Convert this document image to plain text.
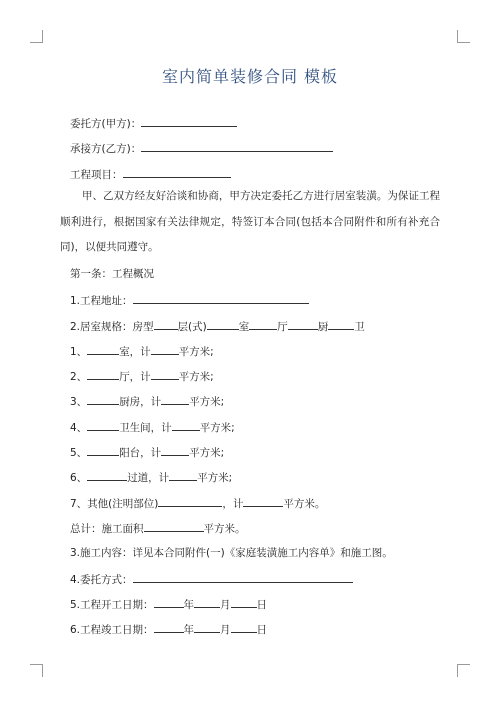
室内简单装修合同 模板
委托方(甲方)：
承接方(乙方)：
工程项目：
甲、乙双方经友好洽谈和协商，甲方决定委托乙方进行居室装潢。为保证工程顺利进行，根据国家有关法律规定，特签订本合同(包括本合同附件和所有补充合同)，以便共同遵守。
第一条：工程概况
1.工程地址：
2.居室规格：房型 层(式)	室	厅	厨 卫
1、	室，计	平方米;
2、	厅，计	平方米;
3、	厨房，计	平方米;
4、	卫生间，计	平方米;
5、	阳台，计	平方米;
6、	过道，计	平方米;
7、其他(注明部位)	，计	平方米。
总计：施工面积	平方米。
3.施工内容：详见本合同附件(一)《家庭装潢施工内容单》和施工图。
4.委托方式：
5.工程开工日期：	年 月 日
6.工程竣工日期：	年 月 日
